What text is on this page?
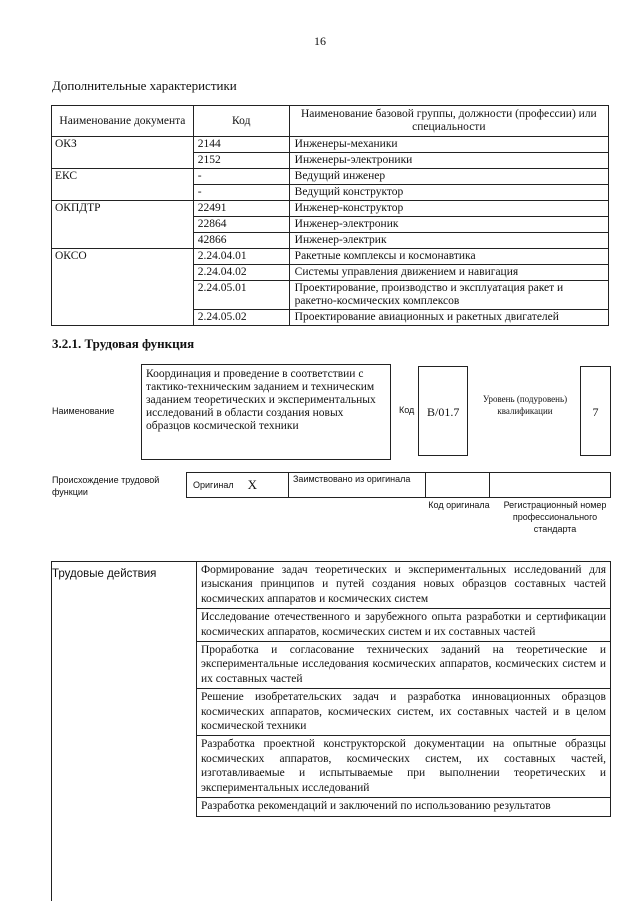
16
Дополнительные характеристики
Наименование документа	Код	Наименование базовой группы, должности (профессии) или специальности
ОКЗ	2144	Инженеры-механики
	2152	Инженеры-электроники
ЕКС	-	Ведущий инженер
	-	Ведущий конструктор
ОКПДТР	22491	Инженер-конструктор
	22864	Инженер-электроник
	42866	Инженер-электрик
ОКСО	2.24.04.01	Ракетные комплексы и космонавтика
	2.24.04.02	Системы управления движением и навигация
	2.24.05.01	Проектирование, производство и эксплуатация ракет и ракетно-космических комплексов
	2.24.05.02	Проектирование авиационных и ракетных двигателей
3.2.1. Трудовая функция
Наименование
Координация и проведение в соответствии с тактико-техническим заданием и техническим заданием теоретических и экспериментальных исследований в области создания новых образцов космической техники
Код	B/01.7
Уровень (подуровень) квалификации	7
Происхождение трудовой функции
Оригинал X	Заимствовано из оригинала
Код оригинала	Регистрационный номер профессионального стандарта
Трудовые действия	Формирование задач теоретических и экспериментальных исследований для изыскания принципов и путей создания новых образцов составных частей космических аппаратов и космических систем
Исследование отечественного и зарубежного опыта разработки и сертификации космических аппаратов, космических систем и их составных частей
Проработка и согласование технических заданий на теоретические и экспериментальные исследования космических аппаратов, космических систем и их составных частей
Решение изобретательских задач и разработка инновационных образцов космических аппаратов, космических систем, их составных частей и в целом космической техники
Разработка проектной конструкторской документации на опытные образцы космических аппаратов, космических систем, их составных частей, изготавливаемые и испытываемые при выполнении теоретических и экспериментальных исследований
Разработка рекомендаций и заключений по использованию результатов
